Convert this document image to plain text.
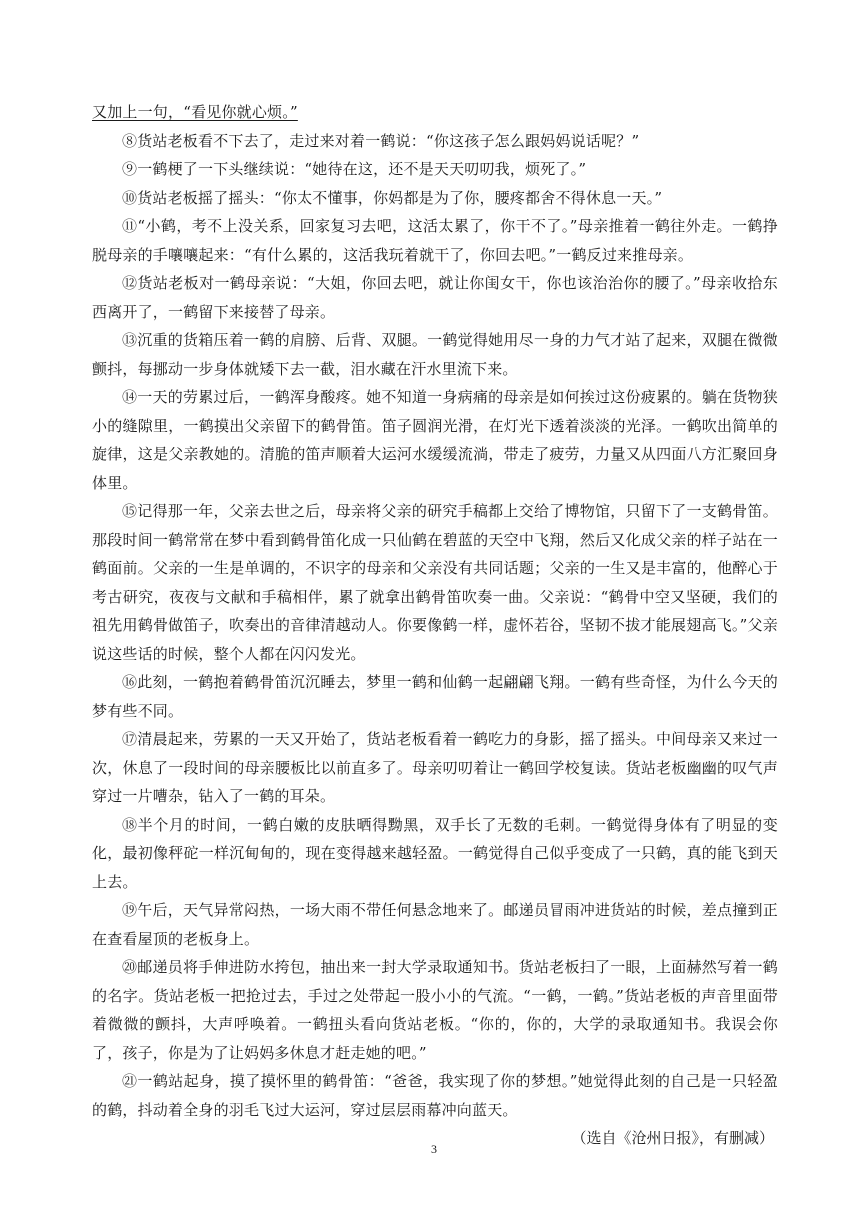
又加上一句，“看见你就心烦。”

⑧货站老板看不下去了，走过来对着一鹤说：“你这孩子怎么跟妈妈说话呢？”

⑨一鹤梗了一下头继续说：“她待在这，还不是天天叨叨我，烦死了。”

⑩货站老板摇了摇头：“你太不懂事，你妈都是为了你，腰疼都舍不得休息一天。”

⑪“小鹤，考不上没关系，回家复习去吧，这活太累了，你干不了。”母亲推着一鹤往外走。一鹤挣脱母亲的手嚷嚷起来：“有什么累的，这活我玩着就干了，你回去吧。”一鹤反过来推母亲。

⑫货站老板对一鹤母亲说：“大姐，你回去吧，就让你闺女干，你也该治治你的腰了。”母亲收拾东西离开了，一鹤留下来接替了母亲。

⑬沉重的货箱压着一鹤的肩膀、后背、双腿。一鹤觉得她用尽一身的力气才站了起来，双腿在微微颤抖，每挪动一步身体就矮下去一截，泪水藏在汗水里流下来。

⑭一天的劳累过后，一鹤浑身酸疼。她不知道一身病痛的母亲是如何挨过这份疲累的。躺在货物狭小的缝隙里，一鹤摸出父亲留下的鹤骨笛。笛子圆润光滑，在灯光下透着淡淡的光泽。一鹤吹出简单的旋律，这是父亲教她的。清脆的笛声顺着大运河水缓缓流淌，带走了疲劳，力量又从四面八方汇聚回身体里。

⑮记得那一年，父亲去世之后，母亲将父亲的研究手稿都上交给了博物馆，只留下了一支鹤骨笛。那段时间一鹤常常在梦中看到鹤骨笛化成一只仙鹤在碧蓝的天空中飞翔，然后又化成父亲的样子站在一鹤面前。父亲的一生是单调的，不识字的母亲和父亲没有共同话题；父亲的一生又是丰富的，他醉心于考古研究，夜夜与文献和手稿相伴，累了就拿出鹤骨笛吹奏一曲。父亲说：“鹤骨中空又坚硬，我们的祖先用鹤骨做笛子，吹奏出的音律清越动人。你要像鹤一样，虚怀若谷，坚韧不拔才能展翅高飞。”父亲说这些话的时候，整个人都在闪闪发光。

⑯此刻，一鹤抱着鹤骨笛沉沉睡去，梦里一鹤和仙鹤一起翩翩飞翔。一鹤有些奇怪，为什么今天的梦有些不同。

⑰清晨起来，劳累的一天又开始了，货站老板看着一鹤吃力的身影，摇了摇头。中间母亲又来过一次，休息了一段时间的母亲腰板比以前直多了。母亲叨叨着让一鹤回学校复读。货站老板幽幽的叹气声穿过一片嘈杂，钻入了一鹤的耳朵。

⑱半个月的时间，一鹤白嫩的皮肤晒得黝黑，双手长了无数的毛刺。一鹤觉得身体有了明显的变化，最初像秤砣一样沉甸甸的，现在变得越来越轻盈。一鹤觉得自己似乎变成了一只鹤，真的能飞到天上去。

⑲午后，天气异常闷热，一场大雨不带任何悬念地来了。邮递员冒雨冲进货站的时候，差点撞到正在查看屋顶的老板身上。

⑳邮递员将手伸进防水挎包，抽出来一封大学录取通知书。货站老板扫了一眼，上面赫然写着一鹤的名字。货站老板一把抢过去，手过之处带起一股小小的气流。“一鹤，一鹤。”货站老板的声音里面带着微微的颤抖，大声呼唤着。一鹤扭头看向货站老板。“你的，你的，大学的录取通知书。我误会你了，孩子，你是为了让妈妈多休息才赶走她的吧。”

㉑一鹤站起身，摸了摸怀里的鹤骨笛：“爸爸，我实现了你的梦想。”她觉得此刻的自己是一只轻盈的鹤，抖动着全身的羽毛飞过大运河，穿过层层雨幕冲向蓝天。

（选自《沧州日报》，有删减）

3
